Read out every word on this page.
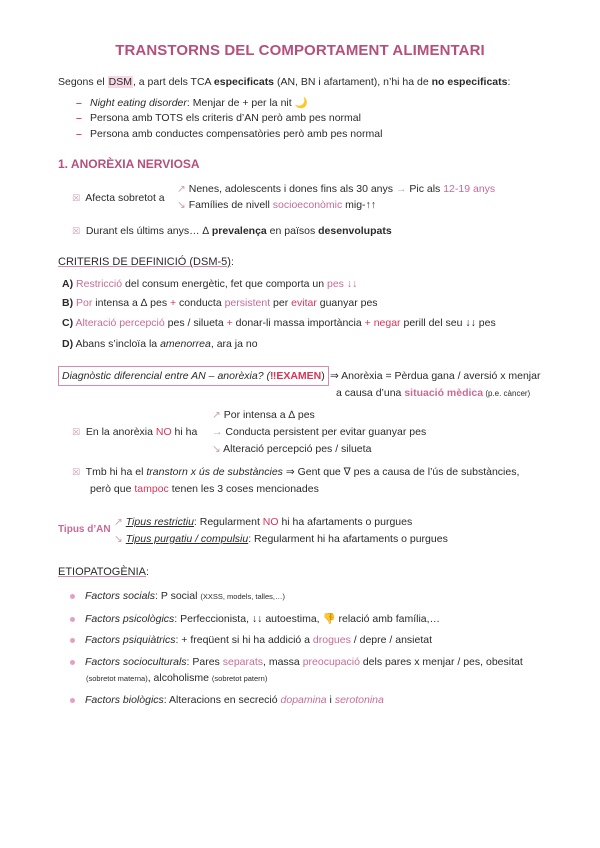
TRANSTORNS DEL COMPORTAMENT ALIMENTARI
Segons el DSM, a part dels TCA especificats (AN, BN i afartament), n’hi ha de no especificats:
– Night eating disorder: Menjar de + per la nit 🌙
– Persona amb TOTS els criteris d’AN però amb pes normal
– Persona amb conductes compensatòries però amb pes normal
1. ANORÈXIA NERVIOSA
☒ Afecta sobretot a
↗ Nenes, adolescents i dones fins als 30 anys → Pic als 12-19 anys
↘ Famílies de nivell socioeconòmic mig-↑↑
☒ Durant els últims anys… ∆ prevalença en països desenvolupats
CRITERIS DE DEFINICIÓ (DSM-5):
A) Restricció del consum energètic, fet que comporta un pes ↓↓
B) Por intensa a ∆ pes + conducta persistent per evitar guanyar pes
C) Alteració percepció pes / silueta + donar-li massa importància + negar perill del seu ↓↓ pes
D) Abans s’incloïa la amenorrea, ara ja no
Diagnòstic diferencial entre AN – anorèxia? (‼EXAMEN) ⇒ Anorèxia = Pèrdua gana / aversió x menjar
a causa d’una situació mèdica (p.e. càncer)
↗ Por intensa a ∆ pes
☒ En la anorèxia NO hi ha → Conducta persistent per evitar guanyar pes
↘ Alteració percepció pes / silueta
☒ Tmb hi ha el transtorn x ús de substàncies ⇒ Gent que ∇ pes a causa de l’ús de substàncies,
però que tampoc tenen les 3 coses mencionades
Tipus d’AN
↗ Tipus restrictiu: Regularment NO hi ha afartaments o purgues
↘ Tipus purgatiu / compulsiu: Regularment hi ha afartaments o purgues
ETIOPATOGÈNIA:
Factors socials: P social (XXSS, models, talles,…)
Factors psicològics: Perfeccionista, ↓↓ autoestima, 👎 relació amb família,…
Factors psiquiàtrics: + freqüent si hi ha addició a drogues / depre / ansietat
Factors socioculturals: Pares separats, massa preocupació dels pares x menjar / pes, obesitat
(sobretot materna), alcoholisme (sobretot patern)
Factors biològics: Alteracions en secreció dopamina i serotonina
